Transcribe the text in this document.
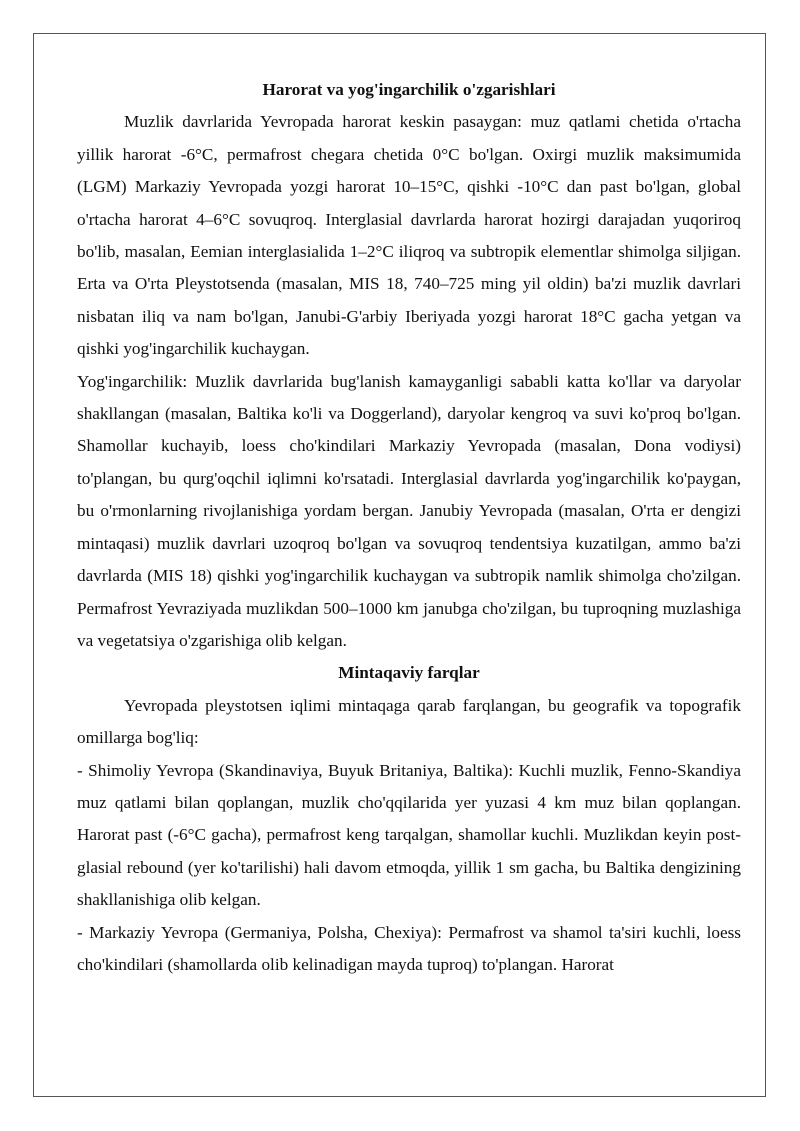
Harorat va yog'ingarchilik o'zgarishlari

Muzlik davrlarida Yevropada harorat keskin pasaygan: muz qatlami chetida o'rtacha yillik harorat -6°C, permafrost chegara chetida 0°C bo'lgan. Oxirgi muzlik maksimumida (LGM) Markaziy Yevropada yozgi harorat 10–15°C, qishki -10°C dan past bo'lgan, global o'rtacha harorat 4–6°C sovuqroq. Interglasial davrlarda harorat hozirgi darajadan yuqoriroq bo'lib, masalan, Eemian interglasialida 1–2°C iliqroq va subtropik elementlar shimolga siljigan. Erta va O'rta Pleystotsenda (masalan, MIS 18, 740–725 ming yil oldin) ba'zi muzlik davrlari nisbatan iliq va nam bo'lgan, Janubi-G'arbiy Iberiyada yozgi harorat 18°C gacha yetgan va qishki yog'ingarchilik kuchaygan.

Yog'ingarchilik: Muzlik davrlarida bug'lanish kamayganligi sababli katta ko'llar va daryolar shakllangan (masalan, Baltika ko'li va Doggerland), daryolar kengroq va suvi ko'proq bo'lgan. Shamollar kuchayib, loess cho'kindilari Markaziy Yevropada (masalan, Dona vodiysi) to'plangan, bu qurg'oqchil iqlimni ko'rsatadi. Interglasial davrlarda yog'ingarchilik ko'paygan, bu o'rmonlarning rivojlanishiga yordam bergan. Janubiy Yevropada (masalan, O'rta er dengizi mintaqasi) muzlik davrlari uzoqroq bo'lgan va sovuqroq tendentsiya kuzatilgan, ammo ba'zi davrlarda (MIS 18) qishki yog'ingarchilik kuchaygan va subtropik namlik shimolga cho'zilgan. Permafrost Yevraziyada muzlikdan 500–1000 km janubga cho'zilgan, bu tuproqning muzlashiga va vegetatsiya o'zgarishiga olib kelgan.

Mintaqaviy farqlar

Yevropada pleystotsen iqlimi mintaqaga qarab farqlangan, bu geografik va topografik omillarga bog'liq:

- Shimoliy Yevropa (Skandinaviya, Buyuk Britaniya, Baltika): Kuchli muzlik, Fenno-Skandiya muz qatlami bilan qoplangan, muzlik cho'qqilarida yer yuzasi 4 km muz bilan qoplangan. Harorat past (-6°C gacha), permafrost keng tarqalgan, shamollar kuchli. Muzlikdan keyin post-glasial rebound (yer ko'tarilishi) hali davom etmoqda, yillik 1 sm gacha, bu Baltika dengizining shakllanishiga olib kelgan.

- Markaziy Yevropa (Germaniya, Polsha, Chexiya): Permafrost va shamol ta'siri kuchli, loess cho'kindilari (shamollarda olib kelinadigan mayda tuproq) to'plangan. Harorat
